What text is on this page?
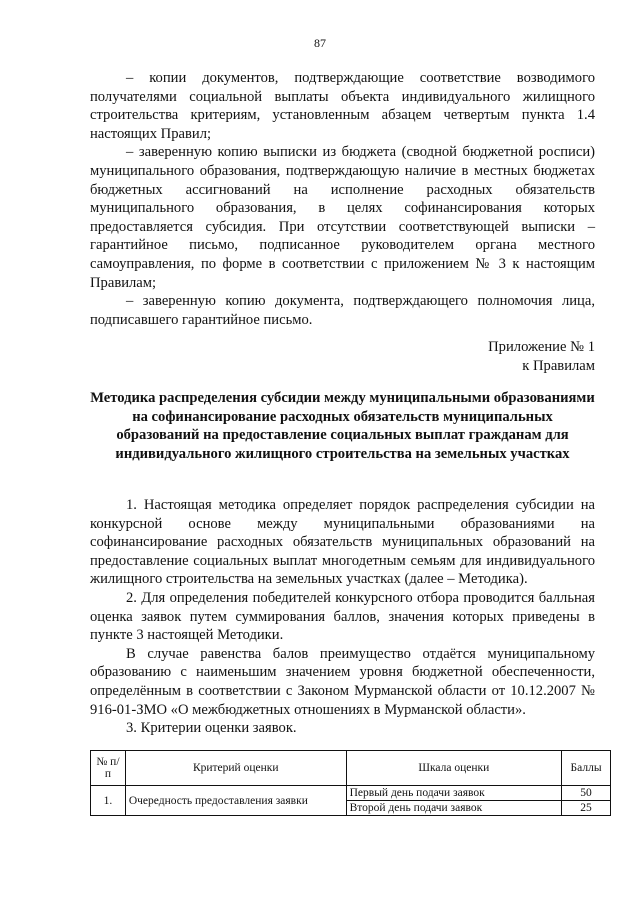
87

– копии документов, подтверждающие соответствие возводимого получателями социальной выплаты объекта индивидуального жилищного строительства критериям, установленным абзацем четвертым пункта 1.4 настоящих Правил;

– заверенную копию выписки из бюджета (сводной бюджетной росписи) муниципального образования, подтверждающую наличие в местных бюджетах бюджетных ассигнований на исполнение расходных обязательств муниципального образования, в целях софинансирования которых предоставляется субсидия. При отсутствии соответствующей выписки – гарантийное письмо, подписанное руководителем органа местного самоуправления, по форме в соответствии с приложением № 3 к настоящим Правилам;

– заверенную копию документа, подтверждающего полномочия лица, подписавшего гарантийное письмо.

Приложение № 1
к Правилам
Методика распределения субсидии между муниципальными образованиями на софинансирование расходных обязательств муниципальных образований на предоставление социальных выплат гражданам для индивидуального жилищного строительства на земельных участках

1. Настоящая методика определяет порядок распределения субсидии на конкурсной основе между муниципальными образованиями на софинансирование расходных обязательств муниципальных образований на предоставление социальных выплат многодетным семьям для индивидуального жилищного строительства на земельных участках (далее – Методика).

2. Для определения победителей конкурсного отбора проводится балльная оценка заявок путем суммирования баллов, значения которых приведены в пункте 3 настоящей Методики.

В случае равенства балов преимущество отдаётся муниципальному образованию с наименьшим значением уровня бюджетной обеспеченности, определённым в соответствии с Законом Мурманской области от 10.12.2007 № 916-01-ЗМО «О межбюджетных отношениях в Мурманской области».

3. Критерии оценки заявок.

№ п/п	Критерий оценки	Шкала оценки	Баллы
1.	Очередность предоставления заявки	Первый день подачи заявок	50
		Второй день подачи заявок	25
